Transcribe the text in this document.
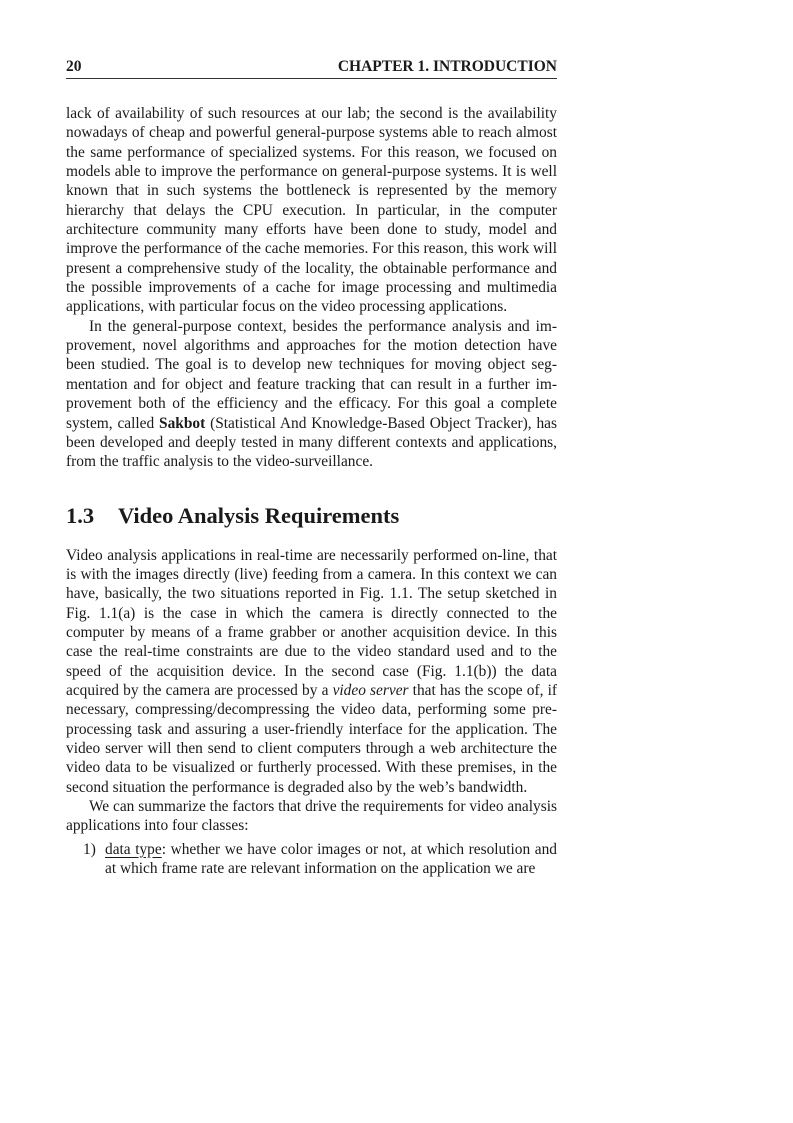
20	CHAPTER 1. INTRODUCTION

lack of availability of such resources at our lab; the second is the availability nowadays of cheap and powerful general-purpose systems able to reach almost the same performance of specialized systems. For this reason, we focused on models able to improve the performance on general-purpose systems. It is well known that in such systems the bottleneck is represented by the memory hierarchy that delays the CPU execution. In particular, in the computer architecture community many efforts have been done to study, model and improve the performance of the cache memories. For this reason, this work will present a comprehensive study of the locality, the obtainable performance and the possible improvements of a cache for image processing and multimedia applications, with particular focus on the video processing applications.

In the general-purpose context, besides the performance analysis and improvement, novel algorithms and approaches for the motion detection have been studied. The goal is to develop new techniques for moving object segmentation and for object and feature tracking that can result in a further improvement both of the efficiency and the efficacy. For this goal a complete system, called Sakbot (Statistical And Knowledge-Based Object Tracker), has been developed and deeply tested in many different contexts and applications, from the traffic analysis to the video-surveillance.

1.3 Video Analysis Requirements

Video analysis applications in real-time are necessarily performed on-line, that is with the images directly (live) feeding from a camera. In this context we can have, basically, the two situations reported in Fig. 1.1. The setup sketched in Fig. 1.1(a) is the case in which the camera is directly connected to the computer by means of a frame grabber or another acquisition device. In this case the real-time constraints are due to the video standard used and to the speed of the acquisition device. In the second case (Fig. 1.1(b)) the data acquired by the camera are processed by a video server that has the scope of, if necessary, compressing/decompressing the video data, performing some preprocessing task and assuring a user-friendly interface for the application. The video server will then send to client computers through a web architecture the video data to be visualized or furtherly processed. With these premises, in the second situation the performance is degraded also by the web’s bandwidth.

We can summarize the factors that drive the requirements for video analysis applications into four classes:

1) data type: whether we have color images or not, at which resolution and at which frame rate are relevant information on the application we are
